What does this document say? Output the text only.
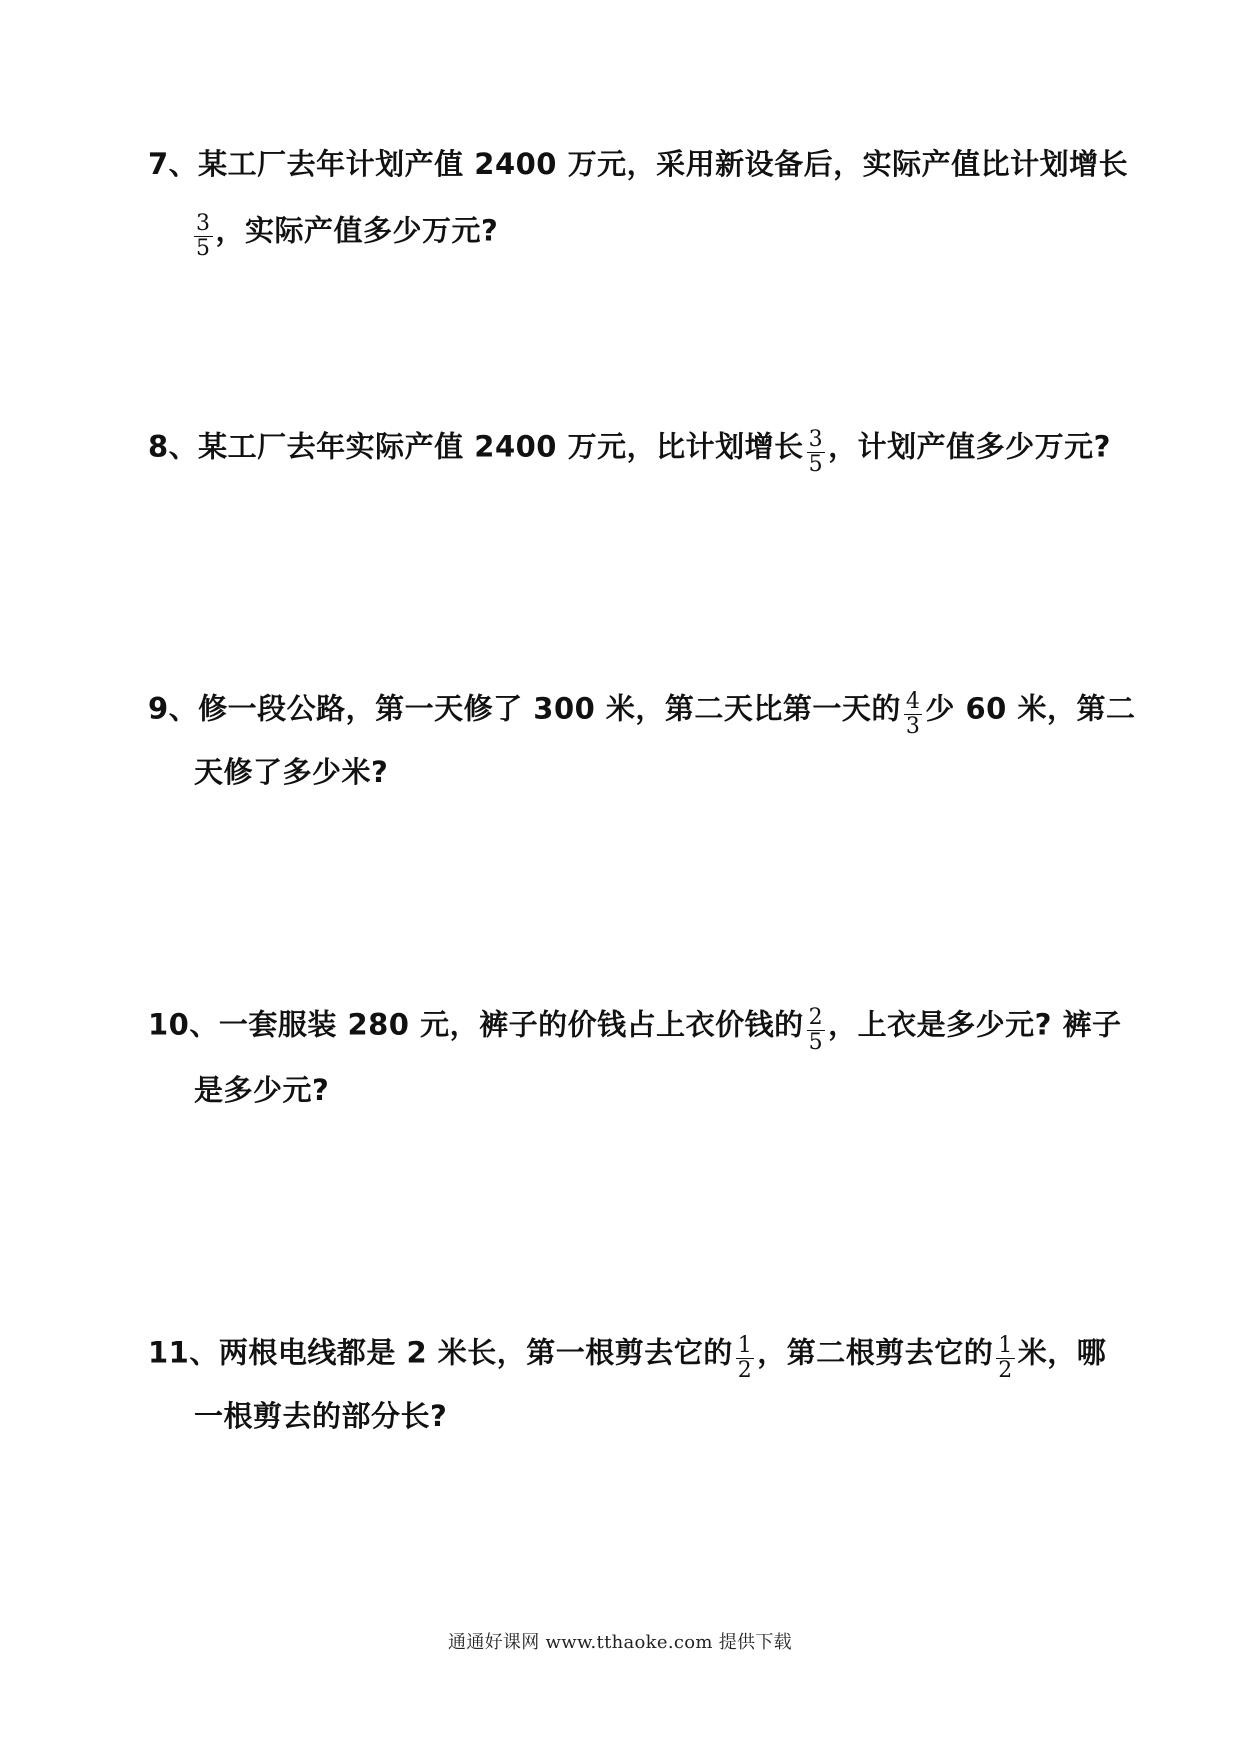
7、某工厂去年计划产值 2400 万元，采用新设备后，实际产值比计划增长
$\frac{3}{5}$ ，实际产值多少万元?
8、某工厂去年实际产值 2400 万元，比计划增长 $\frac{3}{5}$ ，计划产值多少万元?
9、修一段公路，第一天修了 300 米，第二天比第一天的 $\frac{4}{3}$ 少 60 米，第二
天修了多少米?
10、一套服装 280 元，裤子的价钱占上衣价钱的 $\frac{2}{5}$ ，上衣是多少元? 裤子
是多少元?
11、两根电线都是 2 米长，第一根剪去它的 $\frac{1}{2}$ ，第二根剪去它的 $\frac{1}{2}$ 米，哪
一根剪去的部分长?
通通好课网 www.tthaoke.com 提供下载
